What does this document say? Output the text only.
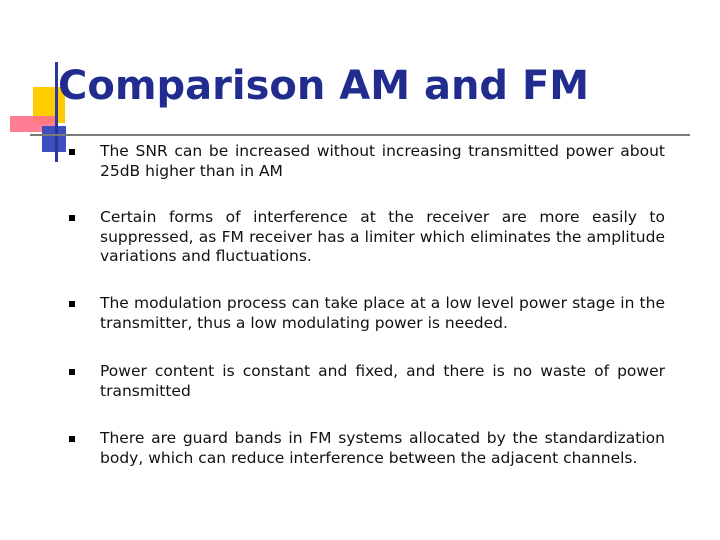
Comparison AM and FM
The SNR can be increased without increasing transmitted power about 25dB higher than in AM
Certain forms of interference at the receiver are more easily to suppressed, as FM receiver has a limiter which eliminates the amplitude variations and fluctuations.
The modulation process can take place at a low level power stage in the transmitter, thus a low modulating power is needed.
Power content is constant and fixed, and there is no waste of power transmitted
There are guard bands in FM systems allocated by the standardization body, which can reduce interference between the adjacent channels.
